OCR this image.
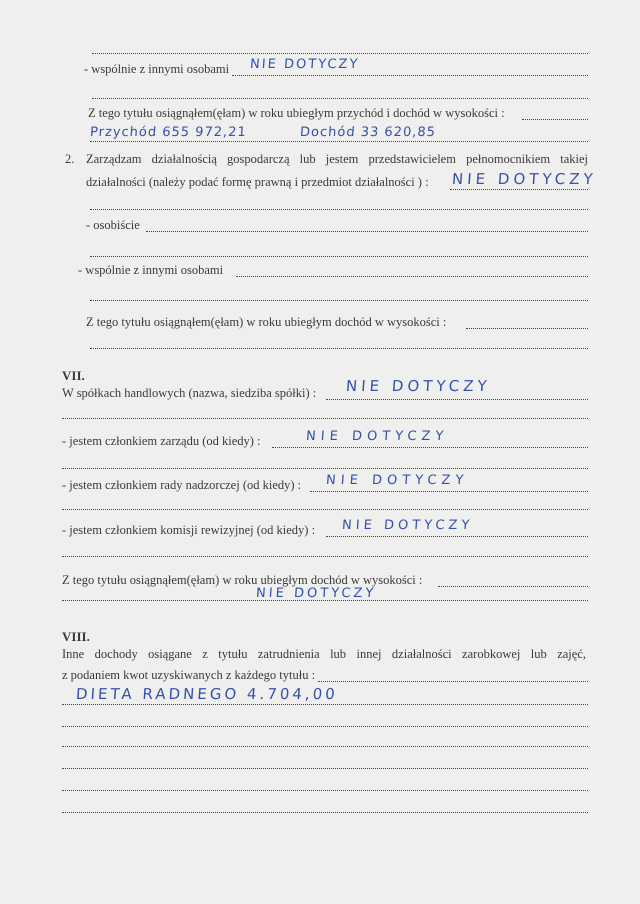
- wspólnie z innymi osobami NIE DOTYCZY
Z tego tytułu osiągnąłem(ęłam) w roku ubiegłym przychód i dochód w wysokości :
Przychód 655 972,21	Dochód 33 620,85
2. Zarządzam działalnością gospodarczą lub jestem przedstawicielem pełnomocnikiem takiej
działalności (należy podać formę prawną i przedmiot działalności ) : NIE DOTYCZY
- osobiście
- wspólnie z innymi osobami
Z tego tytułu osiągnąłem(ęłam) w roku ubiegłym dochód w wysokości :
VII.
W spółkach handlowych (nazwa, siedziba spółki) : NIE DOTYCZY
- jestem członkiem zarządu (od kiedy) :	NIE DOTYCZY
- jestem członkiem rady nadzorczej (od kiedy) : NIE DOTYCZY
- jestem członkiem komisji rewizyjnej (od kiedy) : NIE DOTYCZY
Z tego tytułu osiągnąłem(ęłam) w roku ubiegłym dochód w wysokości :
NIE DOTYCZY
VIII.
Inne dochody osiągane z tytułu zatrudnienia lub innej działalności zarobkowej lub zajęć,
z podaniem kwot uzyskiwanych z każdego tytułu :
DIETA RADNEGO 4.704,00
